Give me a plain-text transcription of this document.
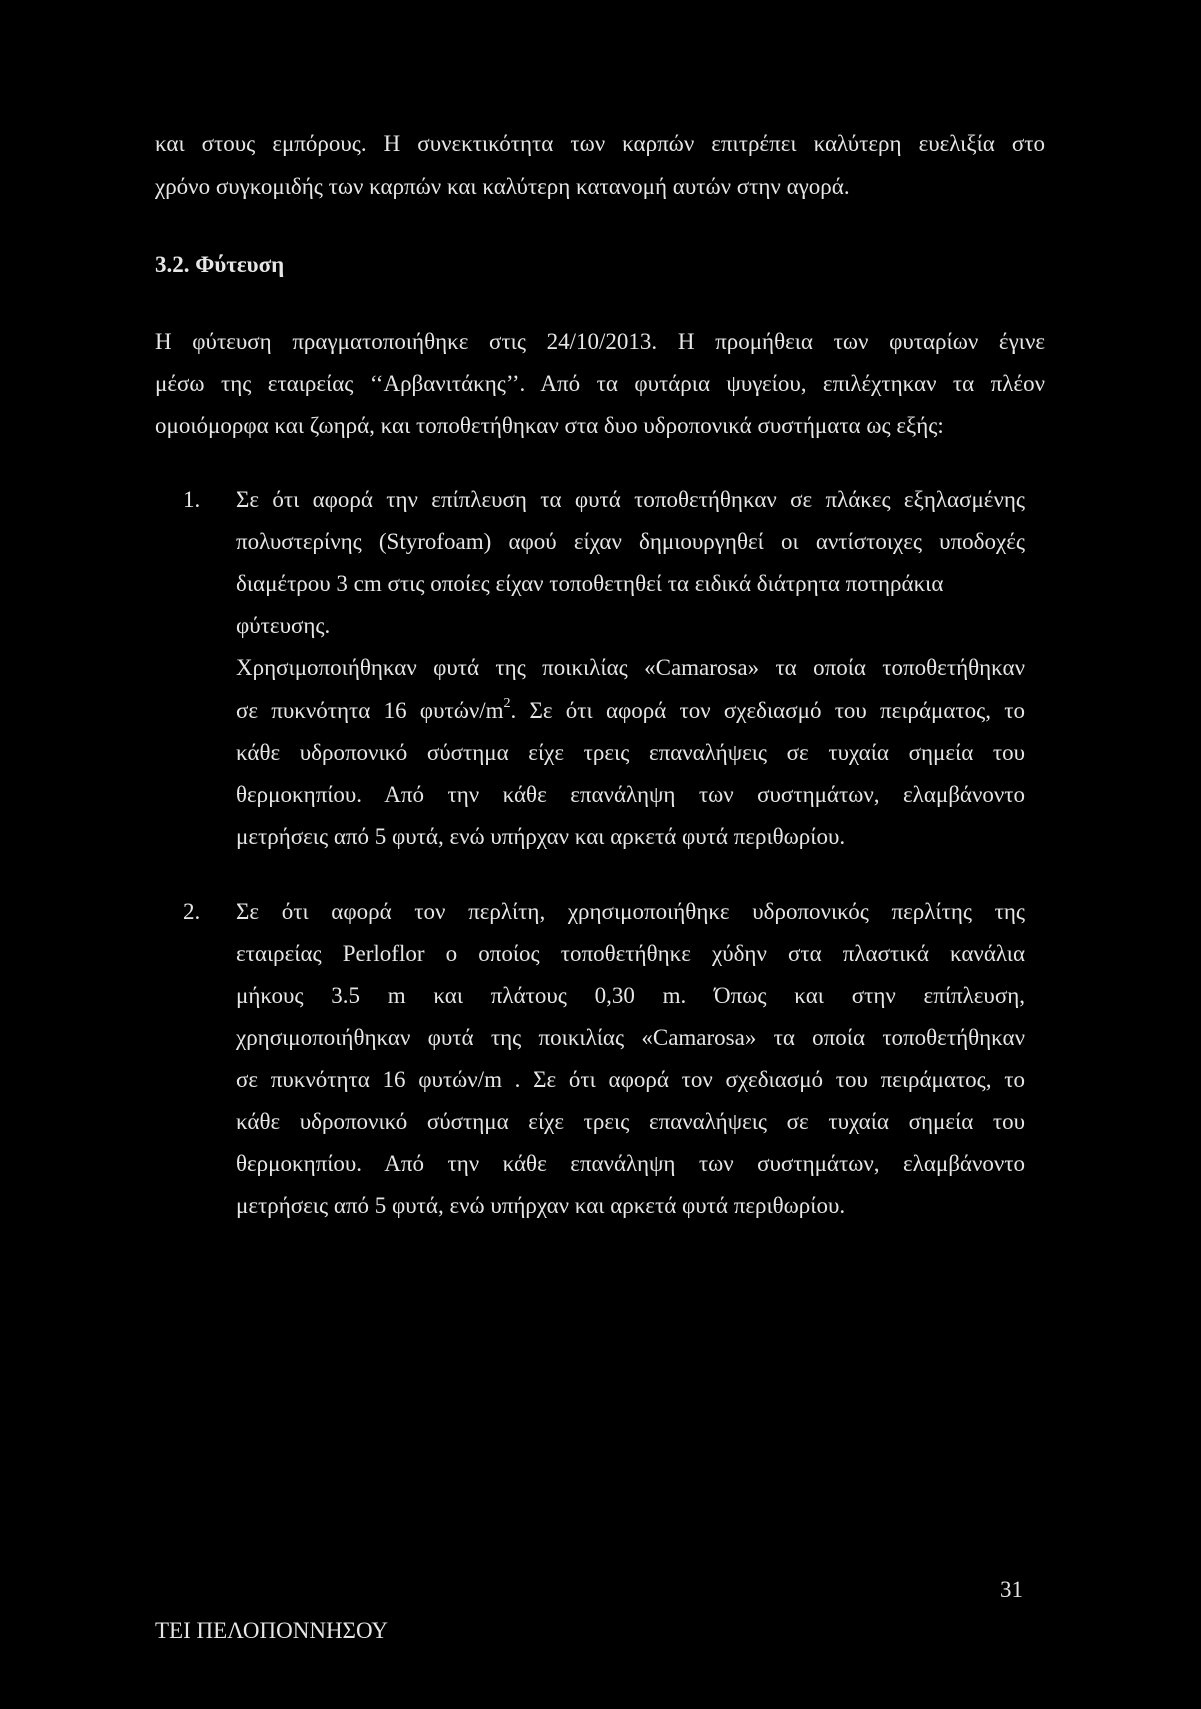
και στους εμπόρους. Η συνεκτικότητα των καρπών επιτρέπει καλύτερη ευελιξία στο
χρόνο συγκομιδής των καρπών και καλύτερη κατανομή αυτών στην αγορά.
3.2. Φύτευση
Η φύτευση πραγματοποιήθηκε στις 24/10/2013. Η προμήθεια των φυταρίων έγινε
μέσω της εταιρείας ‘‘Αρβανιτάκης’’. Από τα φυτάρια ψυγείου, επιλέχτηκαν τα πλέον
ομοιόμορφα και ζωηρά, και τοποθετήθηκαν στα δυο υδροπονικά συστήματα ως εξής:
1. Σε ότι αφορά την επίπλευση τα φυτά τοποθετήθηκαν σε πλάκες εξηλασμένης
πολυστερίνης (Styrofoam) αφού είχαν δημιουργηθεί οι αντίστοιχες υποδοχές
διαμέτρου 3 cm στις οποίες είχαν τοποθετηθεί τα ειδικά διάτρητα ποτηράκια
φύτευσης.
Χρησιμοποιήθηκαν φυτά της ποικιλίας «Camarosa» τα οποία τοποθετήθηκαν
σε πυκνότητα 16 φυτών/$m^2$. Σε ότι αφορά τον σχεδιασμό του πειράματος, το
κάθε υδροπονικό σύστημα είχε τρεις επαναλήψεις σε τυχαία σημεία του
θερμοκηπίου. Από την κάθε επανάληψη των συστημάτων, ελαμβάνοντο
μετρήσεις από 5 φυτά, ενώ υπήρχαν και αρκετά φυτά περιθωρίου.
2. Σε ότι αφορά τον περλίτη, χρησιμοποιήθηκε υδροπονικός περλίτης της
εταιρείας Perloflor ο οποίος τοποθετήθηκε χύδην στα πλαστικά κανάλια
μήκους 3.5 m και πλάτους 0,30 m. Όπως και στην επίπλευση,
χρησιμοποιήθηκαν φυτά της ποικιλίας «Camarosa» τα οποία τοποθετήθηκαν
σε πυκνότητα 16 φυτών/m . Σε ότι αφορά τον σχεδιασμό του πειράματος, το
κάθε υδροπονικό σύστημα είχε τρεις επαναλήψεις σε τυχαία σημεία του
θερμοκηπίου. Από την κάθε επανάληψη των συστημάτων, ελαμβάνοντο
μετρήσεις από 5 φυτά, ενώ υπήρχαν και αρκετά φυτά περιθωρίου.
31
ΤΕΙ ΠΕΛΟΠΟΝΝΗΣΟΥ
